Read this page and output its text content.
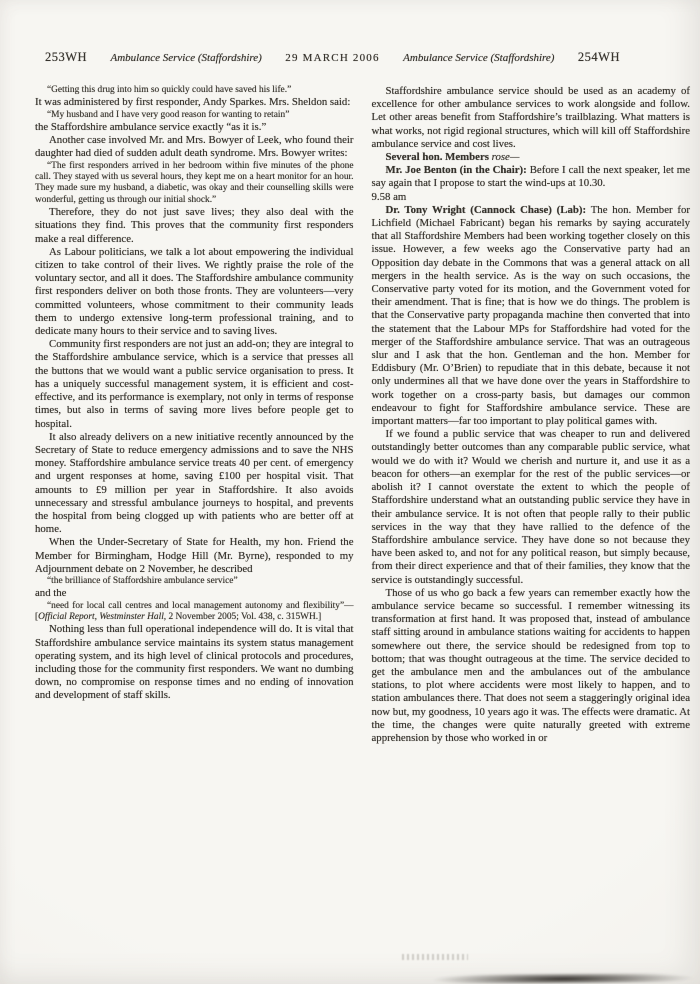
253WH Ambulance Service (Staffordshire) 29 MARCH 2006 Ambulance Service (Staffordshire) 254WH

“Getting this drug into him so quickly could have saved his life.”

It was administered by first responder, Andy Sparkes. Mrs. Sheldon said:

“My husband and I have very good reason for wanting to retain”

the Staffordshire ambulance service exactly “as it is.”

Another case involved Mr. and Mrs. Bowyer of Leek, who found their daughter had died of sudden adult death syndrome. Mrs. Bowyer writes:

“The first responders arrived in her bedroom within five minutes of the phone call. They stayed with us several hours, they kept me on a heart monitor for an hour. They made sure my husband, a diabetic, was okay and their counselling skills were wonderful, getting us through our initial shock.”

Therefore, they do not just save lives; they also deal with the situations they find. This proves that the community first responders make a real difference.

As Labour politicians, we talk a lot about empowering the individual citizen to take control of their lives. We rightly praise the role of the voluntary sector, and all it does. The Staffordshire ambulance community first responders deliver on both those fronts. They are volunteers—very committed volunteers, whose commitment to their community leads them to undergo extensive long-term professional training, and to dedicate many hours to their service and to saving lives.

Community first responders are not just an add-on; they are integral to the Staffordshire ambulance service, which is a service that presses all the buttons that we would want a public service organisation to press. It has a uniquely successful management system, it is efficient and cost-effective, and its performance is exemplary, not only in terms of response times, but also in terms of saving more lives before people get to hospital.

It also already delivers on a new initiative recently announced by the Secretary of State to reduce emergency admissions and to save the NHS money. Staffordshire ambulance service treats 40 per cent. of emergency and urgent responses at home, saving £100 per hospital visit. That amounts to £9 million per year in Staffordshire. It also avoids unnecessary and stressful ambulance journeys to hospital, and prevents the hospital from being clogged up with patients who are better off at home.

When the Under-Secretary of State for Health, my hon. Friend the Member for Birmingham, Hodge Hill (Mr. Byrne), responded to my Adjournment debate on 2 November, he described

“the brilliance of Staffordshire ambulance service”

and the

“need for local call centres and local management autonomy and flexibility”—[Official Report, Westminster Hall, 2 November 2005; Vol. 438, c. 315WH.]

Nothing less than full operational independence will do. It is vital that Staffordshire ambulance service maintains its system status management operating system, and its high level of clinical protocols and procedures, including those for the community first responders. We want no dumbing down, no compromise on response times and no ending of innovation and development of staff skills.

Staffordshire ambulance service should be used as an academy of excellence for other ambulance services to work alongside and follow. Let other areas benefit from Staffordshire’s trailblazing. What matters is what works, not rigid regional structures, which will kill off Staffordshire ambulance service and cost lives.

Several hon. Members rose—

Mr. Joe Benton (in the Chair): Before I call the next speaker, let me say again that I propose to start the wind-ups at 10.30.

9.58 am

Dr. Tony Wright (Cannock Chase) (Lab): The hon. Member for Lichfield (Michael Fabricant) began his remarks by saying accurately that all Staffordshire Members had been working together closely on this issue. However, a few weeks ago the Conservative party had an Opposition day debate in the Commons that was a general attack on all mergers in the health service. As is the way on such occasions, the Conservative party voted for its motion, and the Government voted for their amendment. That is fine; that is how we do things. The problem is that the Conservative party propaganda machine then converted that into the statement that the Labour MPs for Staffordshire had voted for the merger of the Staffordshire ambulance service. That was an outrageous slur and I ask that the hon. Gentleman and the hon. Member for Eddisbury (Mr. O’Brien) to repudiate that in this debate, because it not only undermines all that we have done over the years in Staffordshire to work together on a cross-party basis, but damages our common endeavour to fight for Staffordshire ambulance service. These are important matters—far too important to play political games with.

If we found a public service that was cheaper to run and delivered outstandingly better outcomes than any comparable public service, what would we do with it? Would we cherish and nurture it, and use it as a beacon for others—an exemplar for the rest of the public services—or abolish it? I cannot overstate the extent to which the people of Staffordshire understand what an outstanding public service they have in their ambulance service. It is not often that people rally to their public services in the way that they have rallied to the defence of the Staffordshire ambulance service. They have done so not because they have been asked to, and not for any political reason, but simply because, from their direct experience and that of their families, they know that the service is outstandingly successful.

Those of us who go back a few years can remember exactly how the ambulance service became so successful. I remember witnessing its transformation at first hand. It was proposed that, instead of ambulance staff sitting around in ambulance stations waiting for accidents to happen somewhere out there, the service should be redesigned from top to bottom; that was thought outrageous at the time. The service decided to get the ambulance men and the ambulances out of the ambulance stations, to plot where accidents were most likely to happen, and to station ambulances there. That does not seem a staggeringly original idea now but, my goodness, 10 years ago it was. The effects were dramatic. At the time, the changes were quite naturally greeted with extreme apprehension by those who worked in or
